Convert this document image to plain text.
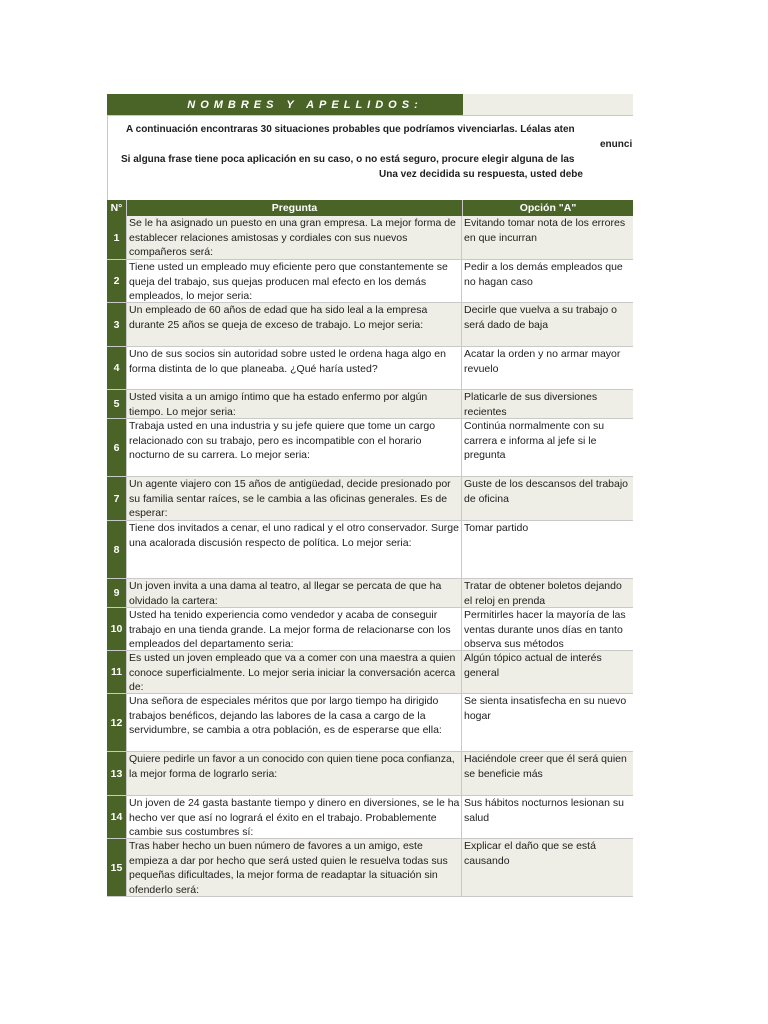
NOMBRES Y APELLIDOS:
A continuación encontraras 30 situaciones probables que podríamos vivenciarlas. Léalas aten
enunci
Si alguna frase tiene poca aplicación en su caso, o no está seguro, procure elegir alguna de las
Una vez decidida su respuesta, usted debe
N°	Pregunta	Opción "A"
1
Se le ha asignado un puesto en una gran empresa. La mejor forma de establecer relaciones amistosas y cordiales con sus nuevos compañeros será:
Evitando tomar nota de los errores en que incurran
2
Tiene usted un empleado muy eficiente pero que constantemente se queja del trabajo, sus quejas producen mal efecto en los demás empleados, lo mejor seria:
Pedir a los demás empleados que no hagan caso
3
Un empleado de 60 años de edad que ha sido leal a la empresa durante 25 años se queja de exceso de trabajo. Lo mejor seria:
Decirle que vuelva a su trabajo o será dado de baja
4
Uno de sus socios sin autoridad sobre usted le ordena haga algo en forma distinta de lo que planeaba. ¿Qué haría usted?
Acatar la orden y no armar mayor revuelo
5
Usted visita a un amigo íntimo que ha estado enfermo por algún tiempo. Lo mejor seria:
Platicarle de sus diversiones recientes
6
Trabaja usted en una industria y su jefe quiere que tome un cargo relacionado con su trabajo, pero es incompatible con el horario nocturno de su carrera. Lo mejor seria:
Continúa normalmente con su carrera e informa al jefe si le pregunta
7
Un agente viajero con 15 años de antigüedad, decide presionado por su familia sentar raíces, se le cambia a las oficinas generales. Es de esperar:
Guste de los descansos del trabajo de oficina
8
Tiene dos invitados a cenar, el uno radical y el otro conservador. Surge una acalorada discusión respecto de política. Lo mejor seria:
Tomar partido
9
Un joven invita a una dama al teatro, al llegar se percata de que ha olvidado la cartera:
Tratar de obtener boletos dejando el reloj en prenda
10
Usted ha tenido experiencia como vendedor y acaba de conseguir trabajo en una tienda grande. La mejor forma de relacionarse con los empleados del departamento seria:
Permitirles hacer la mayoría de las ventas durante unos días en tanto observa sus métodos
11
Es usted un joven empleado que va a comer con una maestra a quien conoce superficialmente. Lo mejor seria iniciar la conversación acerca de:
Algún tópico actual de interés general
12
Una señora de especiales méritos que por largo tiempo ha dirigido trabajos benéficos, dejando las labores de la casa a cargo de la servidumbre, se cambia a otra población, es de esperarse que ella:
Se sienta insatisfecha en su nuevo hogar
13
Quiere pedirle un favor a un conocido con quien tiene poca confianza, la mejor forma de lograrlo seria:
Haciéndole creer que él será quien se beneficie más
14
Un joven de 24 gasta bastante tiempo y dinero en diversiones, se le ha hecho ver que así no logrará el éxito en el trabajo. Probablemente cambie sus costumbres sí:
Sus hábitos nocturnos lesionan su salud
15
Tras haber hecho un buen número de favores a un amigo, este empieza a dar por hecho que será usted quien le resuelva todas sus pequeñas dificultades, la mejor forma de readaptar la situación sin ofenderlo será:
Explicar el daño que se está causando
